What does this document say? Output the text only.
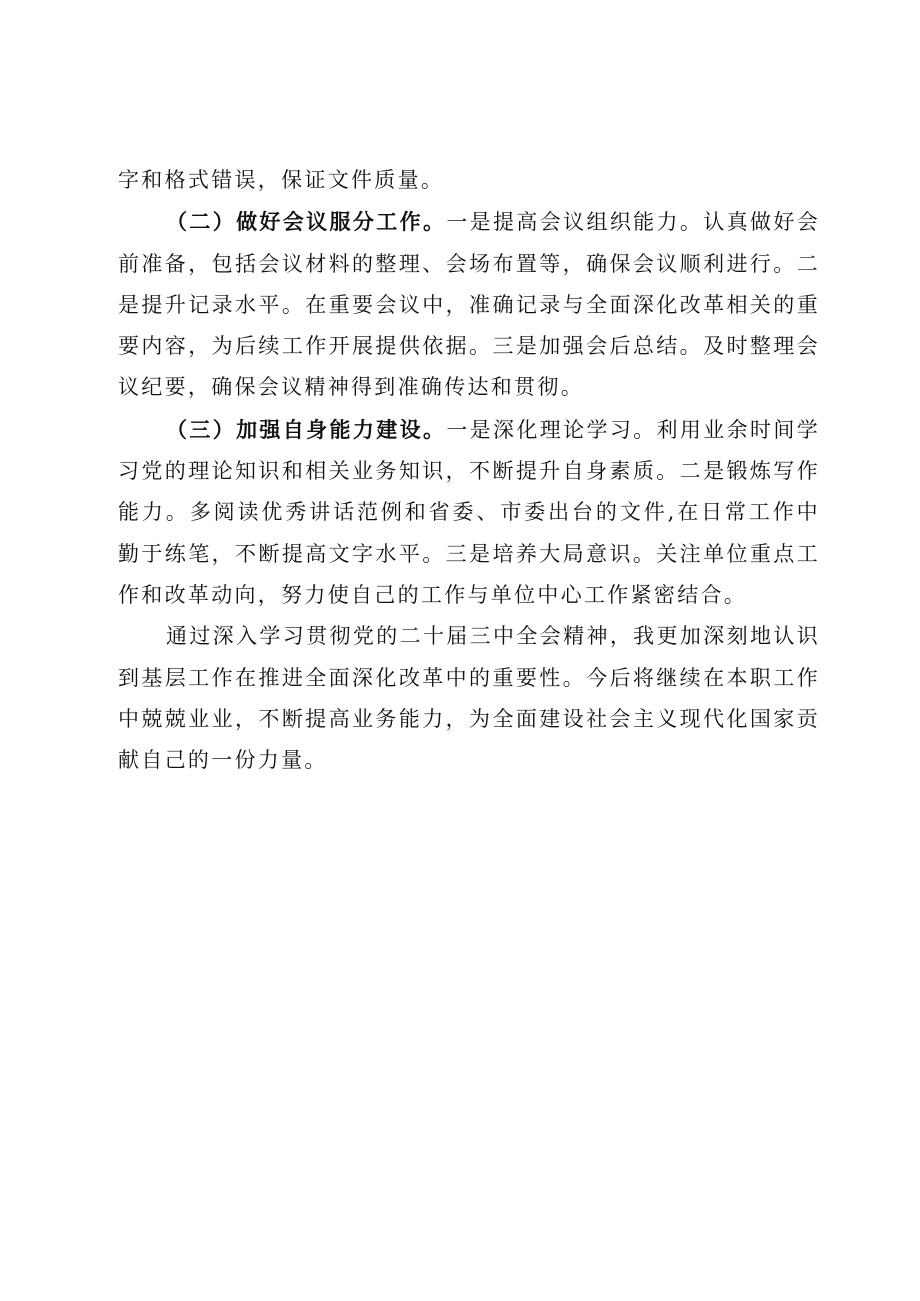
字和格式错误，保证文件质量。

（二）做好会议服分工作。一是提高会议组织能力。认真做好会前准备，包括会议材料的整理、会场布置等，确保会议顺利进行。二是提升记录水平。在重要会议中，准确记录与全面深化改革相关的重要内容，为后续工作开展提供依据。三是加强会后总结。及时整理会议纪要，确保会议精神得到准确传达和贯彻。

（三）加强自身能力建设。一是深化理论学习。利用业余时间学习党的理论知识和相关业务知识，不断提升自身素质。二是锻炼写作能力。多阅读优秀讲话范例和省委、市委出台的文件,在日常工作中勤于练笔，不断提高文字水平。三是培养大局意识。关注单位重点工作和改革动向，努力使自己的工作与单位中心工作紧密结合。

通过深入学习贯彻党的二十届三中全会精神，我更加深刻地认识到基层工作在推进全面深化改革中的重要性。今后将继续在本职工作中兢兢业业，不断提高业务能力，为全面建设社会主义现代化国家贡献自己的一份力量。
